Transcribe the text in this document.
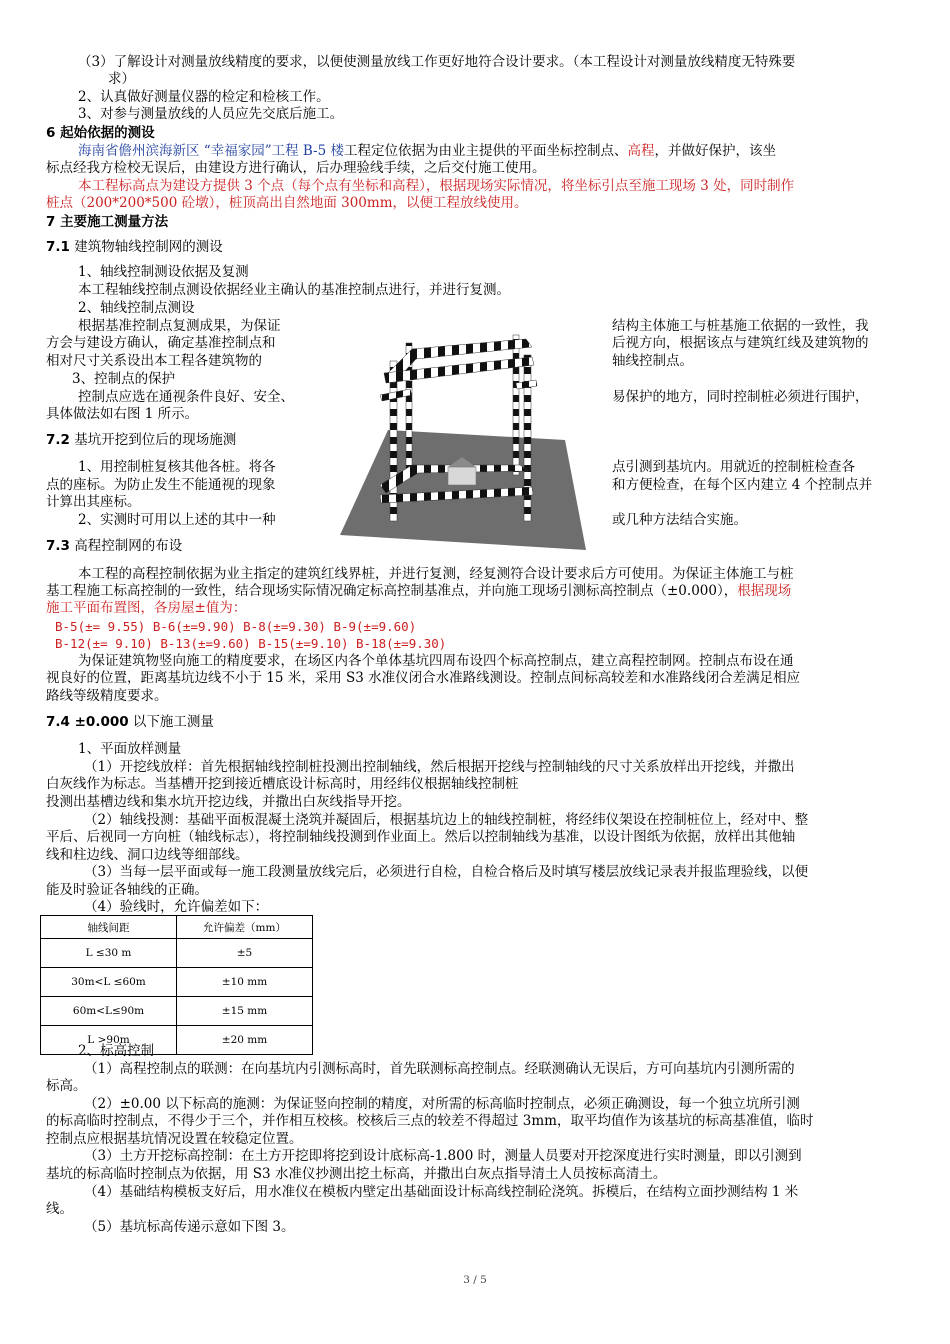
（3）了解设计对测量放线精度的要求，以便使测量放线工作更好地符合设计要求。（本工程设计对测量放线精度无特殊要
求）
2、认真做好测量仪器的检定和检核工作。
3、对参与测量放线的人员应先交底后施工。
6 起始依据的测设
海南省儋州滨海新区 “幸福家园”工程 B-5 楼工程定位依据为由业主提供的平面坐标控制点、高程，并做好保护，该坐
标点经我方检校无误后，由建设方进行确认，后办理验线手续，之后交付施工使用。
本工程标高点为建设方提供 3 个点（每个点有坐标和高程），根据现场实际情况，将坐标引点至施工现场 3 处，同时制作
桩点（200*200*500 砼墩），桩顶高出自然地面 300mm，以便工程放线使用。
7 主要施工测量方法
7.1 建筑物轴线控制网的测设
1、轴线控制测设依据及复测
本工程轴线控制点测设依据经业主确认的基准控制点进行，并进行复测。
2、轴线控制点测设
根据基准控制点复测成果，为保证	结构主体施工与桩基施工依据的一致性，我
方会与建设方确认，确定基准控制点和	后视方向，根据该点与建筑红线及建筑物的
相对尺寸关系设出本工程各建筑物的	轴线控制点。
3、控制点的保护
控制点应选在通视条件良好、安全、	易保护的地方，同时控制桩必须进行围护，
具体做法如右图 1 所示。
7.2 基坑开挖到位后的现场施测
1、用控制桩复核其他各桩。将各	点引测到基坑内。用就近的控制桩检查各
点的座标。为防止发生不能通视的现象	和方便检查，在每个区内建立 4 个控制点并
计算出其座标。
2、实测时可用以上述的其中一种	或几种方法结合实施。
7.3 高程控制网的布设
本工程的高程控制依据为业主指定的建筑红线界桩，并进行复测，经复测符合设计要求后方可使用。为保证主体施工与桩
基工程施工标高控制的一致性，结合现场实际情况确定标高控制基准点，并向施工现场引测标高控制点（±0.000），根据现场
施工平面布置图，各房屋±值为：
B-5(±= 9.55) B-6(±=9.90) B-8(±=9.30) B-9(±=9.60)
B-12(±= 9.10) B-13(±=9.60) B-15(±=9.10) B-18(±=9.30)
为保证建筑物竖向施工的精度要求，在场区内各个单体基坑四周布设四个标高控制点，建立高程控制网。控制点布设在通
视良好的位置，距离基坑边线不小于 15 米，采用 S3 水准仪闭合水准路线测设。控制点间标高较差和水准路线闭合差满足相应
路线等级精度要求。
7.4 ±0.000 以下施工测量
1、平面放样测量
（1）开挖线放样：首先根据轴线控制桩投测出控制轴线，然后根据开挖线与控制轴线的尺寸关系放样出开挖线，并撒出
白灰线作为标志。当基槽开挖到接近槽底设计标高时，用经纬仪根据轴线控制桩
投测出基槽边线和集水坑开挖边线，并撒出白灰线指导开挖。
（2）轴线投测：基础平面板混凝土浇筑并凝固后，根据基坑边上的轴线控制桩，将经纬仪架设在控制桩位上，经对中、整
平后、后视同一方向桩（轴线标志），将控制轴线投测到作业面上。然后以控制轴线为基准，以设计图纸为依据，放样出其他轴
线和柱边线、洞口边线等细部线。
（3）当每一层平面或每一施工段测量放线完后，必须进行自检，自检合格后及时填写楼层放线记录表并报监理验线，以便
能及时验证各轴线的正确。
（4）验线时，允许偏差如下：
轴线间距	允许偏差（mm）
L ≤30 m	±5
30m<L ≤60m	±10 mm
60m<L≤90m	±15 mm
L >90m	±20 mm
2、标高控制
（1）高程控制点的联测：在向基坑内引测标高时，首先联测标高控制点。经联测确认无误后，方可向基坑内引测所需的
标高。
（2）±0.00 以下标高的施测：为保证竖向控制的精度，对所需的标高临时控制点，必须正确测设，每一个独立坑所引测
的标高临时控制点，不得少于三个，并作相互校核。校核后三点的较差不得超过 3mm，取平均值作为该基坑的标高基准值，临时
控制点应根据基坑情况设置在较稳定位置。
（3）土方开挖标高控制：在土方开挖即将挖到设计底标高-1.800 时，测量人员要对开挖深度进行实时测量，即以引测到
基坑的标高临时控制点为依据，用 S3 水准仪抄测出挖土标高，并撒出白灰点指导清土人员按标高清土。
（4）基础结构模板支好后，用水准仪在模板内壁定出基础面设计标高线控制砼浇筑。拆模后，在结构立面抄测结构 1 米
线。
（5）基坑标高传递示意如下图 3。
3 / 5
